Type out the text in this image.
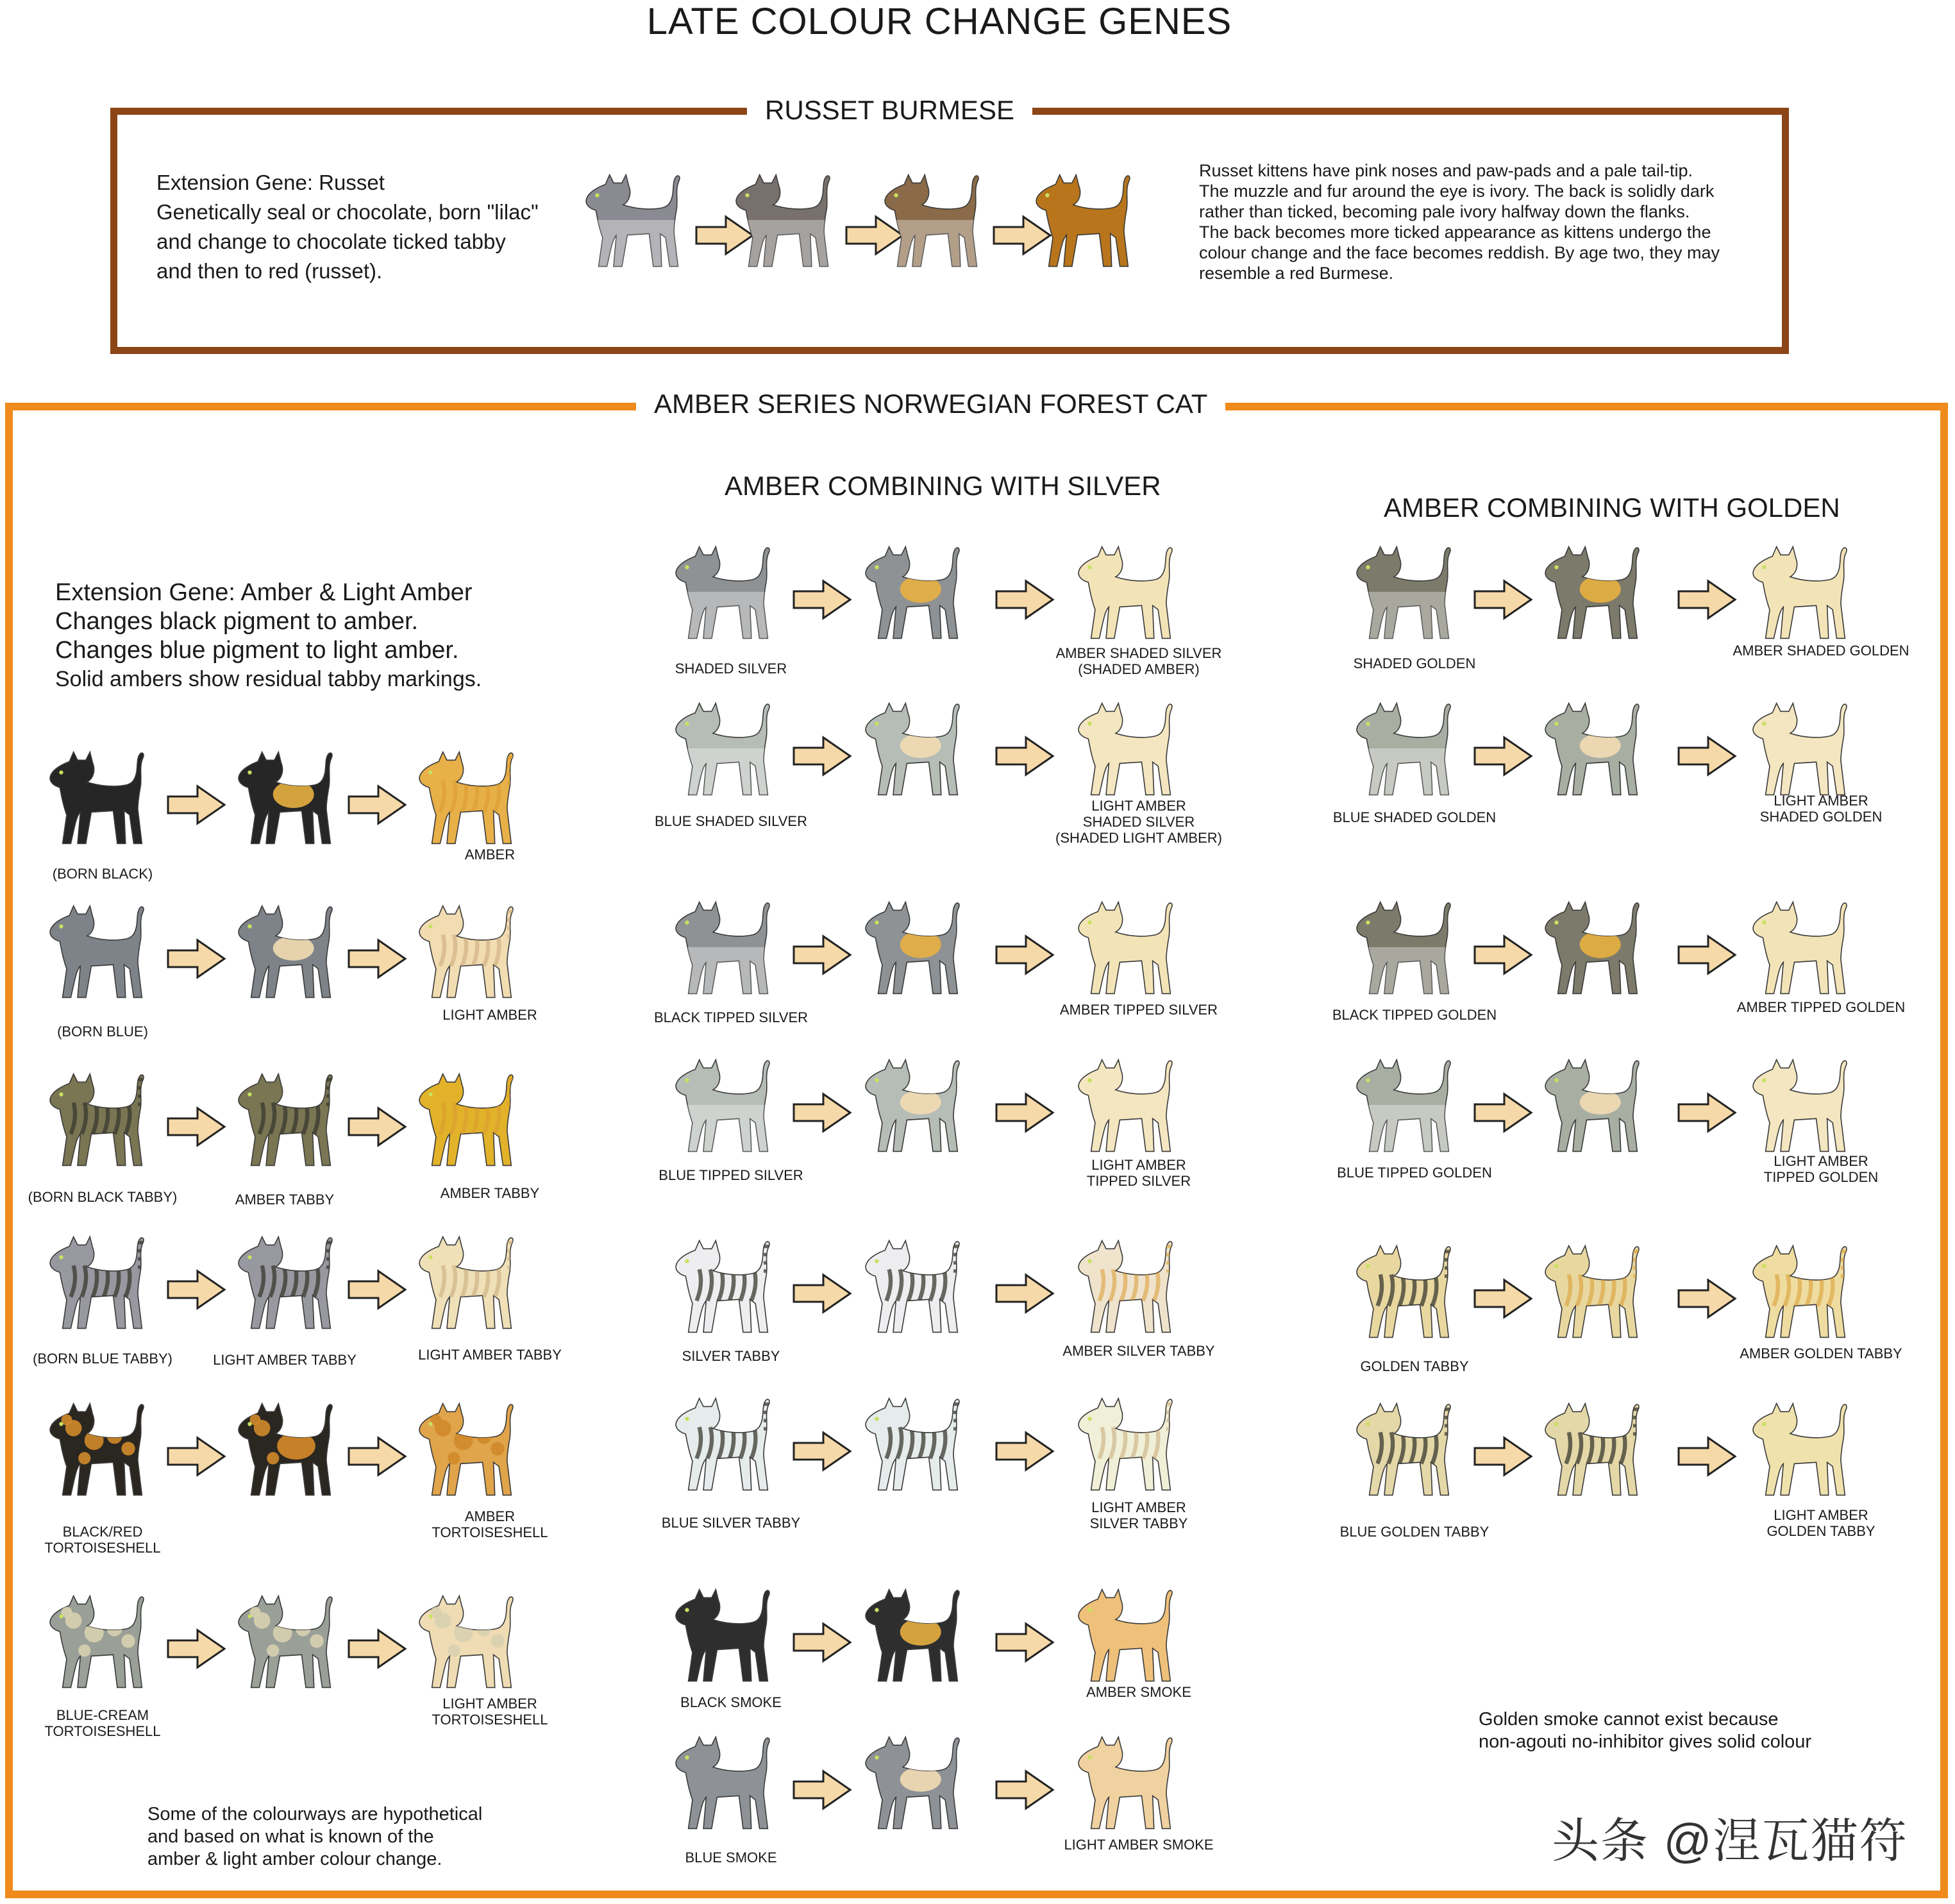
LATE COLOUR CHANGE GENES
RUSSET BURMESE
Extension Gene: Russet
Genetically seal or chocolate, born "lilac"
and change to chocolate ticked tabby
and then to red (russet).
Russet kittens have pink noses and paw-pads and a pale tail-tip.
The muzzle and fur around the eye is ivory. The back is solidly dark
rather than ticked, becoming pale ivory halfway down the flanks.
The back becomes more ticked appearance as kittens undergo the
colour change and the face becomes reddish. By age two, they may
resemble a red Burmese.
AMBER SERIES NORWEGIAN FOREST CAT
Extension Gene: Amber & Light Amber
Changes black pigment to amber.
Changes blue pigment to light amber.
Solid ambers show residual tabby markings.
AMBER COMBINING WITH SILVER
AMBER COMBINING WITH GOLDEN
Some of the colourways are hypothetical
and based on what is known of the
amber & light amber colour change.
Golden smoke cannot exist because
non-agouti no-inhibitor gives solid colour
头条 @涅瓦猫符
(BORN BLACK)
AMBER
(BORN BLUE)
LIGHT AMBER
(BORN BLACK TABBY)	AMBER TABBY	AMBER TABBY
(BORN BLUE TABBY)	LIGHT AMBER TABBY	LIGHT AMBER TABBY
BLACK/RED
TORTOISESHELL
AMBER
TORTOISESHELL
BLUE-CREAM
TORTOISESHELL
LIGHT AMBER
TORTOISESHELL
SHADED SILVER
AMBER SHADED SILVER
(SHADED AMBER)
BLUE SHADED SILVER
LIGHT AMBER
SHADED SILVER
(SHADED LIGHT AMBER)
BLACK TIPPED SILVER	AMBER TIPPED SILVER
BLUE TIPPED SILVER
LIGHT AMBER
TIPPED SILVER
SILVER TABBY	AMBER SILVER TABBY
BLUE SILVER TABBY
LIGHT AMBER
SILVER TABBY
BLACK SMOKE
AMBER SMOKE
BLUE SMOKE
LIGHT AMBER SMOKE
SHADED GOLDEN
AMBER SHADED GOLDEN
BLUE SHADED GOLDEN
LIGHT AMBER
SHADED GOLDEN
BLACK TIPPED GOLDEN	AMBER TIPPED GOLDEN
BLUE TIPPED GOLDEN
LIGHT AMBER
TIPPED GOLDEN
GOLDEN TABBY
AMBER GOLDEN TABBY
BLUE GOLDEN TABBY
LIGHT AMBER
GOLDEN TABBY
